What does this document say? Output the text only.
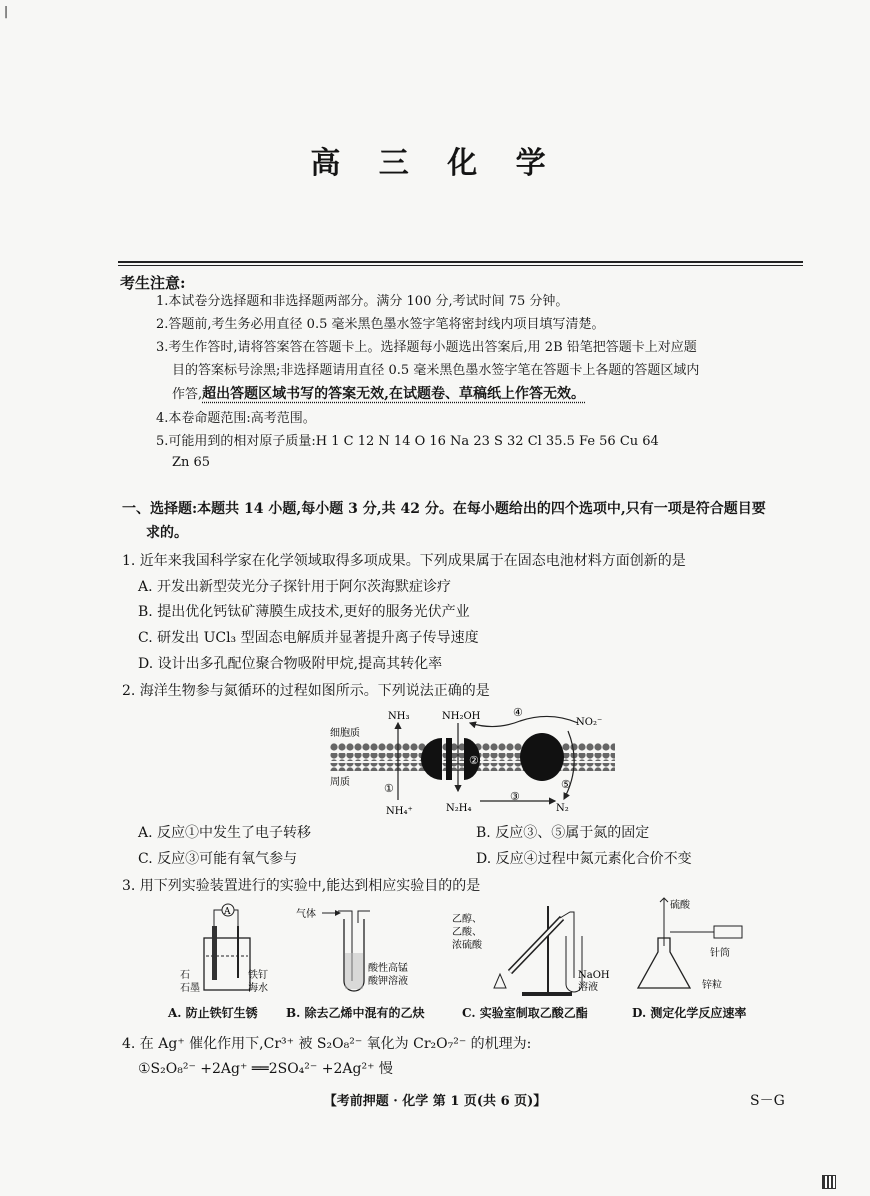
|
高 三 化 学
考生注意:
1.本试卷分选择题和非选择题两部分。满分 100 分,考试时间 75 分钟。
2.答题前,考生务必用直径 0.5 毫米黑色墨水签字笔将密封线内项目填写清楚。
3.考生作答时,请将答案答在答题卡上。选择题每小题选出答案后,用 2B 铅笔把答题卡上对应题
目的答案标号涂黑;非选择题请用直径 0.5 毫米黑色墨水签字笔在答题卡上各题的答题区域内
作答,超出答题区域书写的答案无效,在试题卷、草稿纸上作答无效。
4.本卷命题范围:高考范围。
5.可能用到的相对原子质量:H 1 C 12 N 14 O 16 Na 23 S 32 Cl 35.5 Fe 56 Cu 64
Zn 65
一、选择题:本题共 14 小题,每小题 3 分,共 42 分。在每小题给出的四个选项中,只有一项是符合题目要
求的。
1. 近年来我国科学家在化学领域取得多项成果。下列成果属于在固态电池材料方面创新的是
A. 开发出新型荧光分子探针用于阿尔茨海默症诊疗
B. 提出优化钙钛矿薄膜生成技术,更好的服务光伏产业
C. 研发出 UCl₃ 型固态电解质并显著提升离子传导速度
D. 设计出多孔配位聚合物吸附甲烷,提高其转化率
2. 海洋生物参与氮循环的过程如图所示。下列说法正确的是
细胞质
周质
NH₃
NH₄⁺
NH₂OH
NO₂⁻
N₂H₄	N₂
①
②
③
④
⑤
A. 反应①中发生了电子转移	B. 反应③、⑤属于氮的固定
C. 反应③可能有氧气参与	D. 反应④过程中氮元素化合价不变
3. 用下列实验装置进行的实验中,能达到相应实验目的的是
A
石
石墨
铁钉
海水
气体
酸性高锰
酸钾溶液
乙醇、
乙酸、
浓硫酸
NaOH
溶液
硫酸
针筒
锌粒
A. 防止铁钉生锈 B. 除去乙烯中混有的乙炔	C. 实验室制取乙酸乙酯	D. 测定化学反应速率
4. 在 Ag⁺ 催化作用下,Cr³⁺ 被 S₂O₈²⁻ 氧化为 Cr₂O₇²⁻ 的机理为:
①S₂O₈²⁻ +2Ag⁺ ══2SO₄²⁻ +2Ag²⁺ 慢
【考前押题 · 化学 第 1 页(共 6 页)】	S－G
